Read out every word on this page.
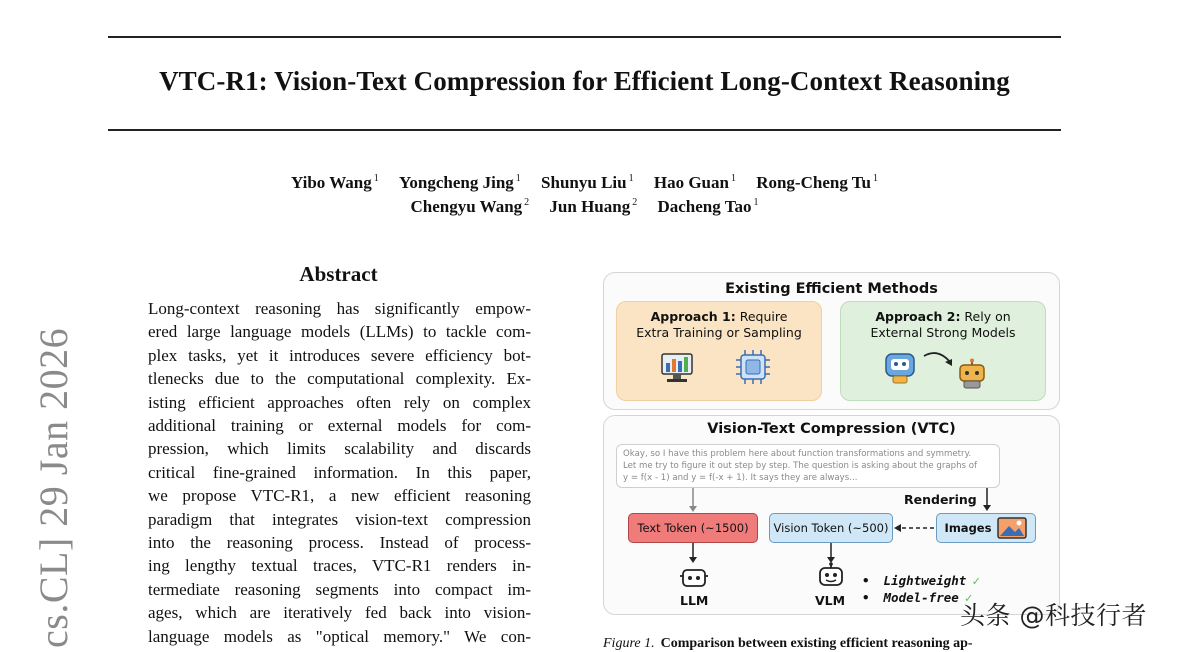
VTC-R1: Vision-Text Compression for Efficient Long-Context Reasoning
Yibo Wang $^1$ Yongcheng Jing $^1$ Shunyu Liu $^1$ Hao Guan $^1$ Rong-Cheng Tu $^1$
Chengyu Wang $^2$ Jun Huang $^2$ Dacheng Tao $^1$
cs.CL] 29 Jan 2026
Abstract
Long-context reasoning has significantly empow-
ered large language models (LLMs) to tackle com-
plex tasks, yet it introduces severe efficiency bot-
tlenecks due to the computational complexity. Ex-
isting efficient approaches often rely on complex
additional training or external models for com-
pression, which limits scalability and discards
critical fine-grained information. In this paper,
we propose VTC-R1, a new efficient reasoning
paradigm that integrates vision-text compression
into the reasoning process. Instead of process-
ing lengthy textual traces, VTC-R1 renders in-
termediate reasoning segments into compact im-
ages, which are iteratively fed back into vision-
language models as "optical memory." We con-
Existing Efficient Methods
Approach 1: Require
Extra Training or Sampling
Approach 2: Rely on
External Strong Models
Vision-Text Compression (VTC)
Okay, so I have this problem here about function transformations and symmetry.
Let me try to figure it out step by step. The question is asking about the graphs of
y = f(x - 1) and y = f(-x + 1). It says they are always...
Rendering
Text Token (~1500)	Vision Token (~500)	Images
LLM	VLM
• Lightweight ✓
• Model-free ✓
Figure 1. Comparison between existing efficient reasoning ap-
头条 @科技行者
